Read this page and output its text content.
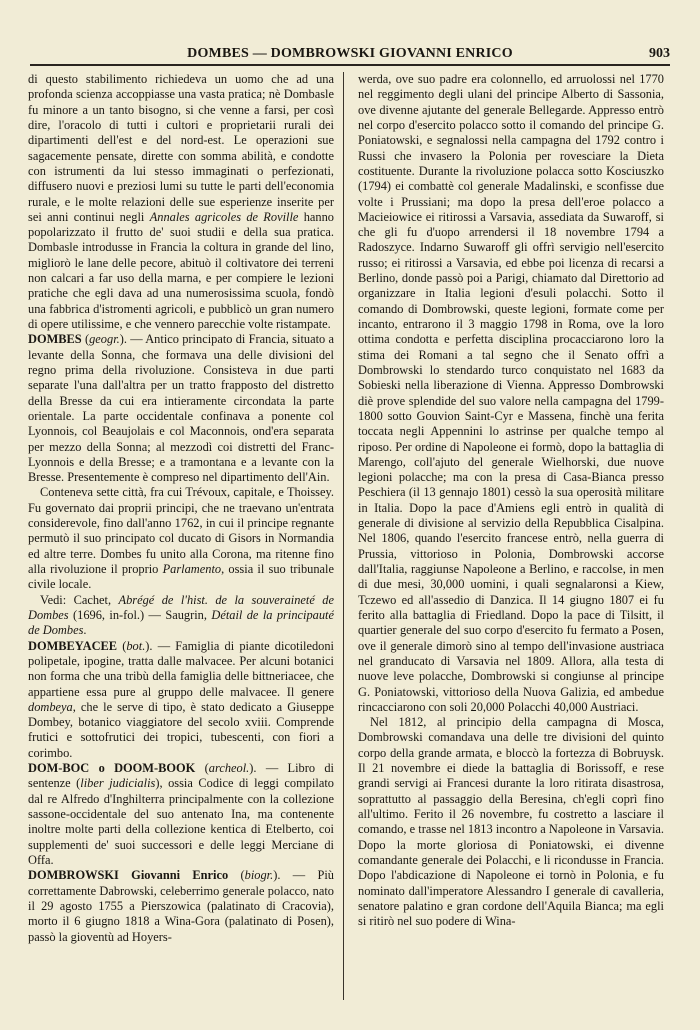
DOMBES — DOMBROWSKI GIOVANNI ENRICO	903

di questo stabilimento richiedeva un uomo che ad una profonda scienza accoppiasse una vasta pratica; nè Dombasle fu minore a un tanto bisogno, si che venne a farsi, per così dire, l'oracolo di tutti i cultori e proprietarii rurali dei dipartimenti dell'est e del nord-est. Le operazioni sue sagacemente pensate, dirette con somma abilità, e condotte con istrumenti da lui stesso immaginati o perfezionati, diffusero nuovi e preziosi lumi su tutte le parti dell'economia rurale, e le molte relazioni delle sue esperienze inserite per sei anni continui negli Annales agricoles de Roville hanno popolarizzato il frutto de' suoi studii e della sua pratica. Dombasle introdusse in Francia la coltura in grande del lino, migliorò le lane delle pecore, abituò il coltivatore dei terreni non calcari a far uso della marna, e per compiere le lezioni pratiche che egli dava ad una numerosissima scuola, fondò una fabbrica d'istromenti agricoli, e pubblicò un gran numero di opere utilissime, e che vennero parecchie volte ristampate.

DOMBES (geogr.). — Antico principato di Francia, situato a levante della Sonna, che formava una delle divisioni del regno prima della rivoluzione. Consisteva in due parti separate l'una dall'altra per un tratto frapposto del distretto della Bresse da cui era intieramente circondata la parte orientale. La parte occidentale confinava a ponente col Lyonnois, col Beaujolais e col Maconnois, ond'era separata per mezzo della Sonna; al mezzodì coi distretti del Franc-Lyonnois e della Bresse; e a tramontana e a levante con la Bresse. Presentemente è compreso nel dipartimento dell'Ain.

Conteneva sette città, fra cui Trévoux, capitale, e Thoissey. Fu governato dai proprii principi, che ne traevano un'entrata considerevole, fino dall'anno 1762, in cui il principe regnante permutò il suo principato col ducato di Gisors in Normandia ed altre terre. Dombes fu unito alla Corona, ma ritenne fino alla rivoluzione il proprio Parlamento, ossia il suo tribunale civile locale.

Vedi: Cachet, Abrégé de l'hist. de la souveraineté de Dombes (1696, in-fol.) — Saugrin, Détail de la principauté de Dombes.

DOMBEYACEE (bot.). — Famiglia di piante dicotiledoni polipetale, ipogine, tratta dalle malvacee. Per alcuni botanici non forma che una tribù della famiglia delle bittneriacee, che appartiene essa pure al gruppo delle malvacee. Il genere dombeya, che le serve di tipo, è stato dedicato a Giuseppe Dombey, botanico viaggiatore del secolo xviii. Comprende frutici e sottofrutici dei tropici, tubescenti, con fiori a corimbo.

DOM-BOC o DOOM-BOOK (archeol.). — Libro di sentenze (liber judicialis), ossia Codice di leggi compilato dal re Alfredo d'Inghilterra principalmente con la collezione sassone-occidentale del suo antenato Ina, ma contenente inoltre molte parti della collezione kentica di Etelberto, coi supplementi de' suoi successori e delle leggi Merciane di Offa.

DOMBROWSKI Giovanni Enrico (biogr.). — Più correttamente Dabrowski, celeberrimo generale polacco, nato il 29 agosto 1755 a Pierszowica (palatinato di Cracovia), morto il 6 giugno 1818 a Wina-Gora (palatinato di Posen), passò la gioventù ad Hoyers-

werda, ove suo padre era colonnello, ed arruolossi nel 1770 nel reggimento degli ulani del principe Alberto di Sassonia, ove divenne ajutante del generale Bellegarde. Appresso entrò nel corpo d'esercito polacco sotto il comando del principe G. Poniatowski, e segnalossi nella campagna del 1792 contro i Russi che invasero la Polonia per rovesciare la Dieta costituente. Durante la rivoluzione polacca sotto Kosciuszko (1794) ei combattè col generale Madalinski, e sconfisse due volte i Prussiani; ma dopo la presa dell'eroe polacco a Macieiowice ei ritirossi a Varsavia, assediata da Suwaroff, si che gli fu d'uopo arrendersi il 18 novembre 1794 a Radoszyce. Indarno Suwaroff gli offrì servigio nell'esercito russo; ei ritirossi a Varsavia, ed ebbe poi licenza di recarsi a Berlino, donde passò poi a Parigi, chiamato dal Direttorio ad organizzare in Italia legioni d'esuli polacchi. Sotto il comando di Dombrowski, queste legioni, formate come per incanto, entrarono il 3 maggio 1798 in Roma, ove la loro ottima condotta e perfetta disciplina procacciarono loro la stima dei Romani a tal segno che il Senato offrì a Dombrowski lo stendardo turco conquistato nel 1683 da Sobieski nella liberazione di Vienna. Appresso Dombrowski diè prove splendide del suo valore nella campagna del 1799-1800 sotto Gouvion Saint-Cyr e Massena, finchè una ferita toccata negli Appennini lo astrinse per qualche tempo al riposo. Per ordine di Napoleone ei formò, dopo la battaglia di Marengo, coll'ajuto del generale Wielhorski, due nuove legioni polacche; ma con la presa di Casa-Bianca presso Peschiera (il 13 gennajo 1801) cessò la sua operosità militare in Italia. Dopo la pace d'Amiens egli entrò in qualità di generale di divisione al servizio della Repubblica Cisalpina. Nel 1806, quando l'esercito francese entrò, nella guerra di Prussia, vittorioso in Polonia, Dombrowski accorse dall'Italia, raggiunse Napoleone a Berlino, e raccolse, in men di due mesi, 30,000 uomini, i quali segnalaronsi a Kiew, Tczewo ed all'assedio di Danzica. Il 14 giugno 1807 ei fu ferito alla battaglia di Friedland. Dopo la pace di Tilsitt, il quartier generale del suo corpo d'esercito fu fermato a Posen, ove il generale dimorò sino al tempo dell'invasione austriaca nel granducato di Varsavia nel 1809. Allora, alla testa di nuove leve polacche, Dombrowski si congiunse al principe G. Poniatowski, vittorioso della Nuova Galizia, ed ambedue rincacciarono con soli 20,000 Polacchi 40,000 Austriaci.

Nel 1812, al principio della campagna di Mosca, Dombrowski comandava una delle tre divisioni del quinto corpo della grande armata, e bloccò la fortezza di Bobruysk. Il 21 novembre ei diede la battaglia di Borissoff, e rese grandi servigi ai Francesi durante la loro ritirata disastrosa, soprattutto al passaggio della Beresina, ch'egli coprì fino all'ultimo. Ferito il 26 novembre, fu costretto a lasciare il comando, e trasse nel 1813 incontro a Napoleone in Varsavia. Dopo la morte gloriosa di Poniatowski, ei divenne comandante generale dei Polacchi, e li ricondusse in Francia. Dopo l'abdicazione di Napoleone ei tornò in Polonia, e fu nominato dall'imperatore Alessandro I generale di cavalleria, senatore palatino e gran cordone dell'Aquila Bianca; ma egli si ritirò nel suo podere di Wina-
